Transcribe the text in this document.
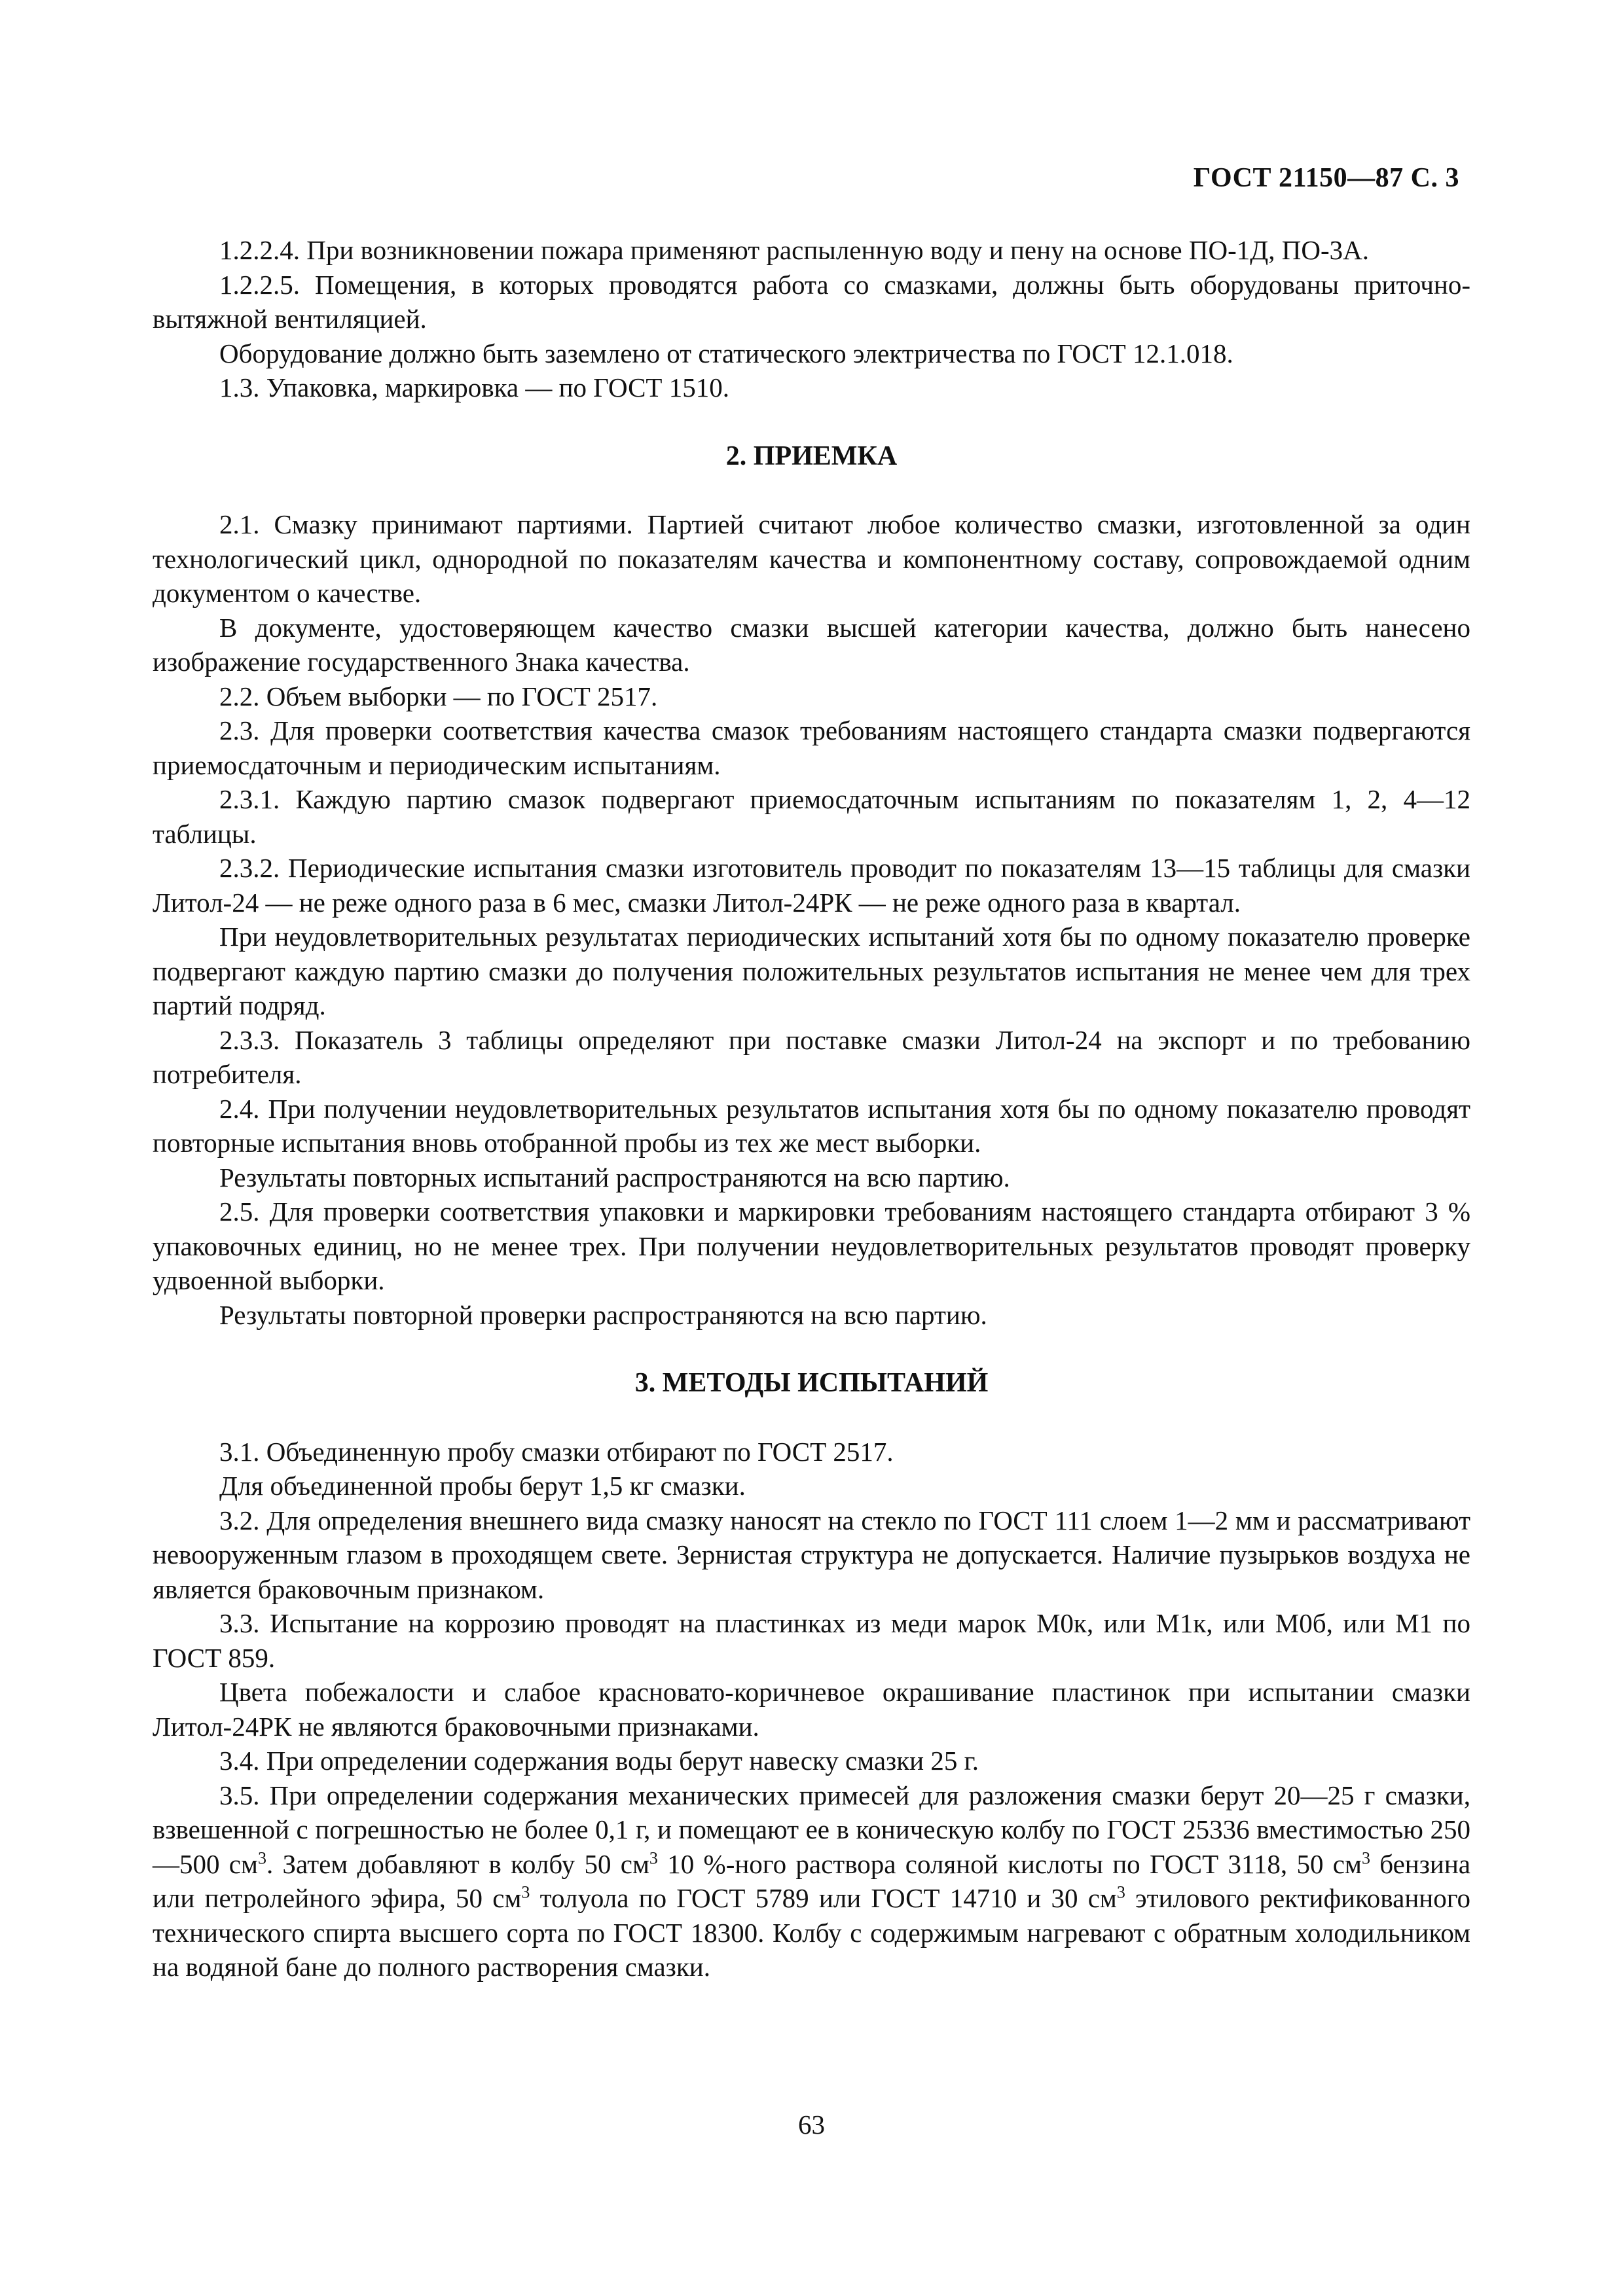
ГОСТ 21150—87 С. 3

1.2.2.4. При возникновении пожара применяют распыленную воду и пену на основе ПО-1Д, ПО-3А.

1.2.2.5. Помещения, в которых проводятся работа со смазками, должны быть оборудованы приточно-вытяжной вентиляцией.

Оборудование должно быть заземлено от статического электричества по ГОСТ 12.1.018.

1.3. Упаковка, маркировка — по ГОСТ 1510.

2. ПРИЕМКА

2.1. Смазку принимают партиями. Партией считают любое количество смазки, изготовленной за один технологический цикл, однородной по показателям качества и компонентному составу, сопровождаемой одним документом о качестве.

В документе, удостоверяющем качество смазки высшей категории качества, должно быть нанесено изображение государственного Знака качества.

2.2. Объем выборки — по ГОСТ 2517.

2.3. Для проверки соответствия качества смазок требованиям настоящего стандарта смазки подвергаются приемосдаточным и периодическим испытаниям.

2.3.1. Каждую партию смазок подвергают приемосдаточным испытаниям по показателям 1, 2, 4—12 таблицы.

2.3.2. Периодические испытания смазки изготовитель проводит по показателям 13—15 таблицы для смазки Литол-24 — не реже одного раза в 6 мес, смазки Литол-24РК — не реже одного раза в квартал.

При неудовлетворительных результатах периодических испытаний хотя бы по одному показателю проверке подвергают каждую партию смазки до получения положительных результатов испытания не менее чем для трех партий подряд.

2.3.3. Показатель 3 таблицы определяют при поставке смазки Литол-24 на экспорт и по требованию потребителя.

2.4. При получении неудовлетворительных результатов испытания хотя бы по одному показателю проводят повторные испытания вновь отобранной пробы из тех же мест выборки.

Результаты повторных испытаний распространяются на всю партию.

2.5. Для проверки соответствия упаковки и маркировки требованиям настоящего стандарта отбирают 3 % упаковочных единиц, но не менее трех. При получении неудовлетворительных результатов проводят проверку удвоенной выборки.

Результаты повторной проверки распространяются на всю партию.

3. МЕТОДЫ ИСПЫТАНИЙ

3.1. Объединенную пробу смазки отбирают по ГОСТ 2517.

Для объединенной пробы берут 1,5 кг смазки.

3.2. Для определения внешнего вида смазку наносят на стекло по ГОСТ 111 слоем 1—2 мм и рассматривают невооруженным глазом в проходящем свете. Зернистая структура не допускается. Наличие пузырьков воздуха не является браковочным признаком.

3.3. Испытание на коррозию проводят на пластинках из меди марок М0к, или М1к, или М0б, или М1 по ГОСТ 859.

Цвета побежалости и слабое красновато-коричневое окрашивание пластинок при испытании смазки Литол-24РК не являются браковочными признаками.

3.4. При определении содержания воды берут навеску смазки 25 г.

3.5. При определении содержания механических примесей для разложения смазки берут 20—25 г смазки, взвешенной с погрешностью не более 0,1 г, и помещают ее в коническую колбу по ГОСТ 25336 вместимостью 250—500 $см^3$. Затем добавляют в колбу 50 $см^3$ 10 %-ного раствора соляной кислоты по ГОСТ 3118, 50 $см^3$ бензина или петролейного эфира, 50 $см^3$ толуола по ГОСТ 5789 или ГОСТ 14710 и 30 $см^3$ этилового ректификованного технического спирта высшего сорта по ГОСТ 18300. Колбу с содержимым нагревают с обратным холодильником на водяной бане до полного растворения смазки.

63
